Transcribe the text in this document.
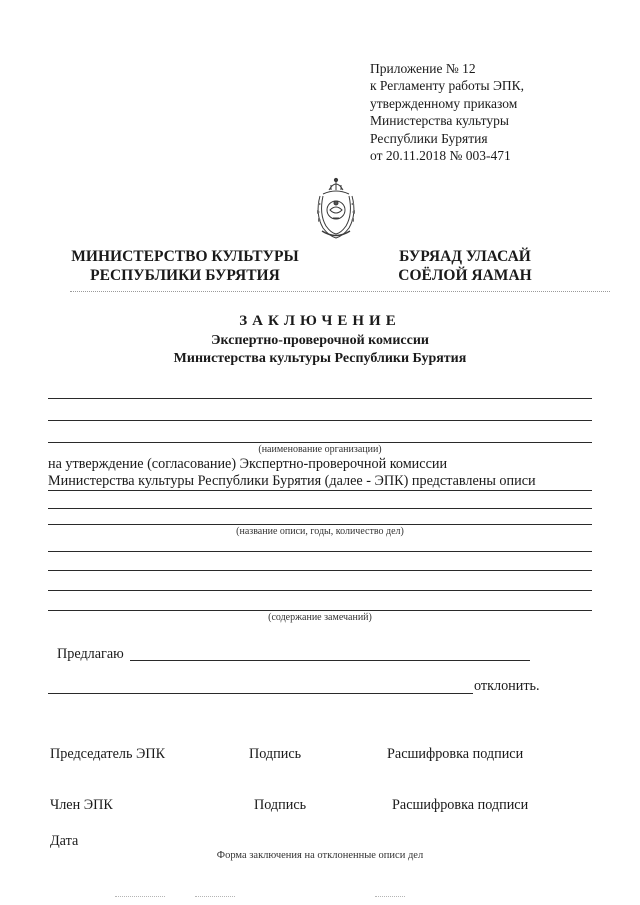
Приложение № 12
к Регламенту работы ЭПК,
утвержденному приказом
Министерства культуры
Республики Бурятия
от 20.11.2018 № 003-471
МИНИСТЕРСТВО КУЛЬТУРЫ
РЕСПУБЛИКИ БУРЯТИЯ
БУРЯАД УЛАСАЙ
СОЁЛОЙ ЯАМАН
ЗАКЛЮЧЕНИЕ
Экспертно-проверочной комиссии
Министерства культуры Республики Бурятия
(наименование организации)
на утверждение (согласование) Экспертно-проверочной комиссии
Министерства культуры Республики Бурятия (далее - ЭПК) представлены описи
(название описи, годы, количество дел)
(содержание замечаний)
Предлагаю
отклонить.
Председатель ЭПК	Подпись	Расшифровка подписи
Член ЭПК	Подпись	Расшифровка подписи
Дата
Форма заключения на отклоненные описи дел
